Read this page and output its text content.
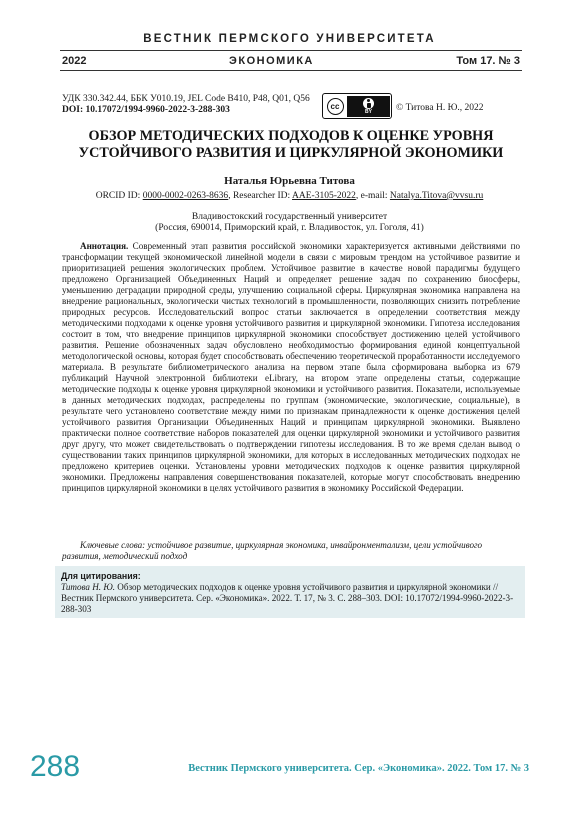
ВЕСТНИК ПЕРМСКОГО УНИВЕРСИТЕТА
2022	ЭКОНОМИКА	Том 17. № 3
УДК 330.342.44, ББК У010.19, JEL Code B410, P48, Q01, Q56
DOI: 10.17072/1994-9960-2022-3-288-303	cc
BY	© Титова Н. Ю., 2022
ОБЗОР МЕТОДИЧЕСКИХ ПОДХОДОВ К ОЦЕНКЕ УРОВНЯ УСТОЙЧИВОГО РАЗВИТИЯ И ЦИРКУЛЯРНОЙ ЭКОНОМИКИ
Наталья Юрьевна Титова
ORCID ID: 0000-0002-0263-8636, Researcher ID: AAE-3105-2022, e-mail: Natalya.Titova@vvsu.ru
Владивостокский государственный университет
(Россия, 690014, Приморский край, г. Владивосток, ул. Гоголя, 41)

Аннотация. Современный этап развития российской экономики характеризуется активными действиями по трансформации текущей экономической линейной модели в связи с мировым трендом на устойчивое развитие и приоритизацией решения экологических проблем. Устойчивое развитие в качестве новой парадигмы будущего предложено Организацией Объединенных Наций и определяет решение задач по сохранению биосферы, уменьшению деградации природной среды, улучшению социальной сферы. Циркулярная экономика направлена на внедрение рациональных, экологически чистых технологий в промышленности, позволяющих снизить потребление природных ресурсов. Исследовательский вопрос статьи заключается в определении соответствия между методическими подходами к оценке уровня устойчивого развития и циркулярной экономики. Гипотеза исследования состоит в том, что внедрение принципов циркулярной экономики способствует достижению целей устойчивого развития. Решение обозначенных задач обусловлено необходимостью формирования единой концептуальной методологической основы, которая будет способствовать обеспечению теоретической проработанности исследуемого материала. В результате библиометрического анализа на первом этапе была сформирована выборка из 679 публикаций Научной электронной библиотеки eLibrary, на втором этапе определены статьи, содержащие методические подходы к оценке уровня циркулярной экономики и устойчивого развития. Показатели, используемые в данных методических подходах, распределены по группам (экономические, экологические, социальные), в результате чего установлено соответствие между ними по признакам принадлежности к оценке достижения целей устойчивого развития Организации Объединенных Наций и принципам циркулярной экономики. Выявлено практически полное соответствие наборов показателей для оценки циркулярной экономики и устойчивого развития друг другу, что может свидетельствовать о подтверждении гипотезы исследования. В то же время сделан вывод о существовании таких принципов циркулярной экономики, для которых в исследованных методических подходах не предложено критериев оценки. Установлены уровни методических подходов к оценке развития циркулярной экономики. Предложены направления совершенствования показателей, которые могут способствовать внедрению принципов циркулярной экономики в целях устойчивого развития в экономику Российской Федерации.

Ключевые слова: устойчивое развитие, циркулярная экономика, инвайронментализм, цели устойчивого развития, методический подход

Для цитирования:
Титова Н. Ю. Обзор методических подходов к оценке уровня устойчивого развития и циркулярной экономики // Вестник Пермского университета. Сер. «Экономика». 2022. Т. 17, № 3. С. 288–303. DOI: 10.17072/1994-9960-2022-3-288-303
288	Вестник Пермского университета. Сер. «Экономика». 2022. Том 17. № 3
